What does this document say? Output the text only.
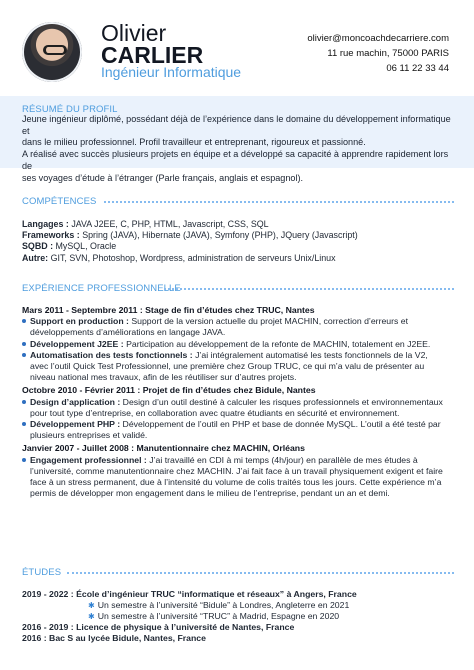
Olivier
CARLIER
Ingénieur Informatique
olivier@moncoachdecarriere.com
11 rue machin, 75000 PARIS
06 11 22 33 44
RÉSUMÉ DU PROFIL
Jeune ingénieur diplômé, possédant déjà de l’expérience dans le domaine du développement informatique et
dans le milieu professionnel. Profil travailleur et entreprenant, rigoureux et passionné.
A réalisé avec succès plusieurs projets en équipe et a développé sa capacité à apprendre rapidement lors de
ses voyages d’étude à l’étranger (Parle français, anglais et espagnol).
COMPÉTENCES
Langages : JAVA J2EE, C, PHP, HTML, Javascript, CSS, SQL
Frameworks : Spring (JAVA), Hibernate (JAVA), Symfony (PHP), JQuery (Javascript)
SQBD : MySQL, Oracle
Autre: GIT, SVN, Photoshop, Wordpress, administration de serveurs Unix/Linux
EXPÉRIENCE PROFESSIONNELLE

Mars 2011 - Septembre 2011 : Stage de fin d’études chez TRUC, Nantes

Support en production : Support de la version actuelle du projet MACHIN, correction d’erreurs et
développements d’améliorations en langage JAVA.

Développement J2EE : Participation au développement de la refonte de MACHIN, totalement en J2EE.

Automatisation des tests fonctionnels : J’ai intégralement automatisé les tests fonctionnels de la V2,
avec l’outil Quick Test Professionnel, une première chez Group TRUC, ce qui m’a valu de présenter au
niveau national mes travaux, afin de les réutiliser sur d’autres projets.

Octobre 2010 - Février 2011 : Projet de fin d’études chez Bidule, Nantes

Design d’application : Design d’un outil destiné à calculer les risques professionnels et environnementaux
pour tout type d’entreprise, en collaboration avec quatre étudiants en sécurité et environnement.

Développement PHP : Développement de l’outil en PHP et base de donnée MySQL. L’outil a été testé par
plusieurs entreprises et validé.

Janvier 2007 - Juillet 2008 : Manutentionnaire chez MACHIN, Orléans

Engagement professionnel : J’ai travaillé en CDI à mi temps (4h/jour) en parallèle de mes études à
l’université, comme manutentionnaire chez MACHIN. J’ai fait face à un travail physiquement exigent et faire
face à un stress permanent, due à l’intensité du volume de colis traités tous les jours. Cette expérience m’a
permis de développer mon engagement dans le milieu de l’entreprise, pendant un an et demi.

ÉTUDES
2019 - 2022 : École d’ingénieur TRUC “informatique et réseaux” à Angers, France
✱ Un semestre à l’université “Bidule” à Londres, Angleterre en 2021
✱ Un semestre à l’université “TRUC” à Madrid, Espagne en 2020
2016 - 2019 : Licence de physique à l’université de Nantes, France
2016 : Bac S au lycée Bidule, Nantes, France
